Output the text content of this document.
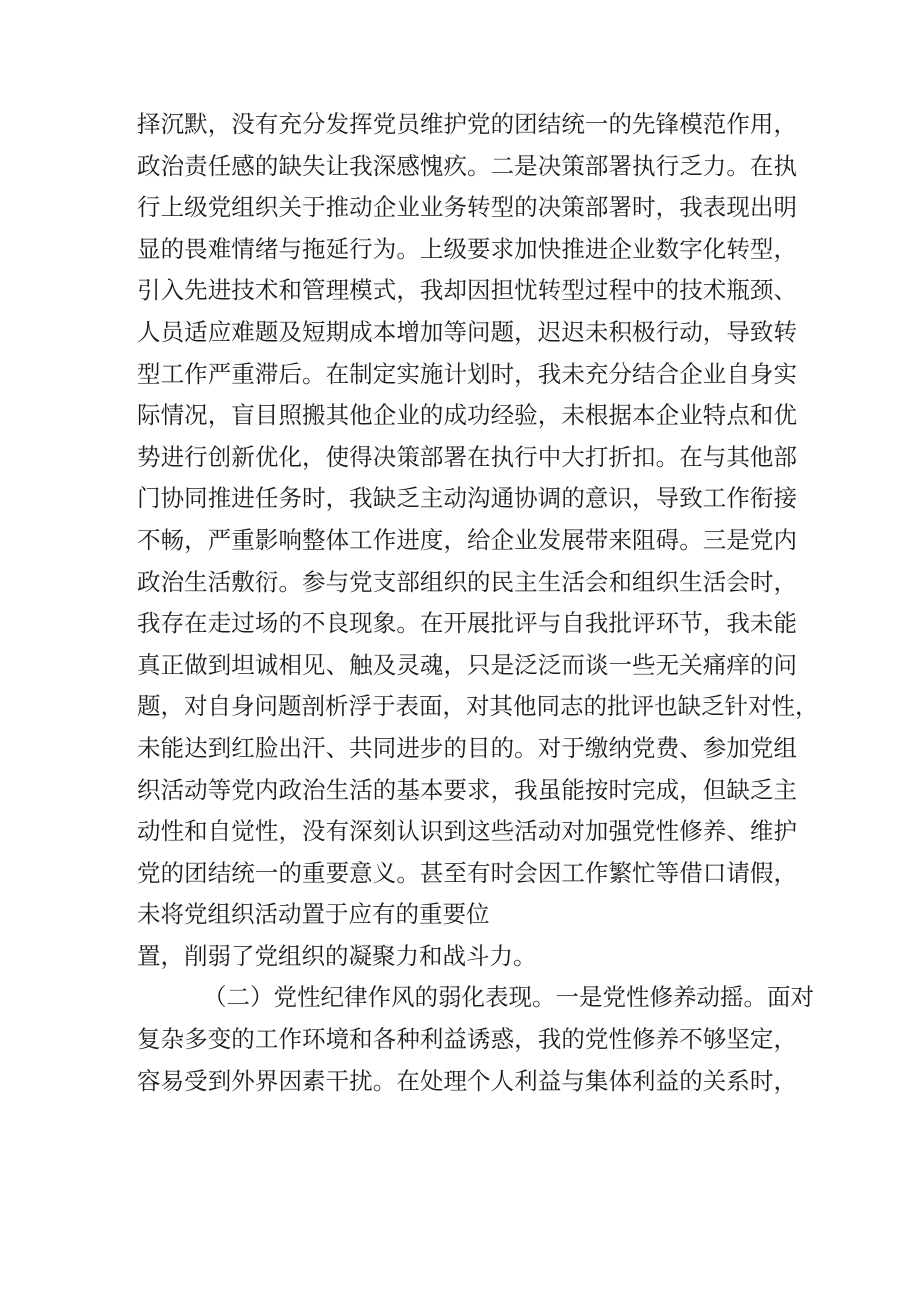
择沉默，没有充分发挥党员维护党的团结统一的先锋模范作用，
政治责任感的缺失让我深感愧疚。二是决策部署执行乏力。在执
行上级党组织关于推动企业业务转型的决策部署时，我表现出明
显的畏难情绪与拖延行为。上级要求加快推进企业数字化转型，
引入先进技术和管理模式，我却因担忧转型过程中的技术瓶颈、
人员适应难题及短期成本增加等问题，迟迟未积极行动，导致转
型工作严重滞后。在制定实施计划时，我未充分结合企业自身实
际情况，盲目照搬其他企业的成功经验，未根据本企业特点和优
势进行创新优化，使得决策部署在执行中大打折扣。在与其他部
门协同推进任务时，我缺乏主动沟通协调的意识，导致工作衔接
不畅，严重影响整体工作进度，给企业发展带来阻碍。三是党内
政治生活敷衍。参与党支部组织的民主生活会和组织生活会时，
我存在走过场的不良现象。在开展批评与自我批评环节，我未能
真正做到坦诚相见、触及灵魂，只是泛泛而谈一些无关痛痒的问
题，对自身问题剖析浮于表面，对其他同志的批评也缺乏针对性，
未能达到红脸出汗、共同进步的目的。对于缴纳党费、参加党组
织活动等党内政治生活的基本要求，我虽能按时完成，但缺乏主
动性和自觉性，没有深刻认识到这些活动对加强党性修养、维护
党的团结统一的重要意义。甚至有时会因工作繁忙等借口请假，
未将党组织活动置于应有的重要位
置，削弱了党组织的凝聚力和战斗力。
（二）党性纪律作风的弱化表现。一是党性修养动摇。面对
复杂多变的工作环境和各种利益诱惑，我的党性修养不够坚定，
容易受到外界因素干扰。在处理个人利益与集体利益的关系时，
